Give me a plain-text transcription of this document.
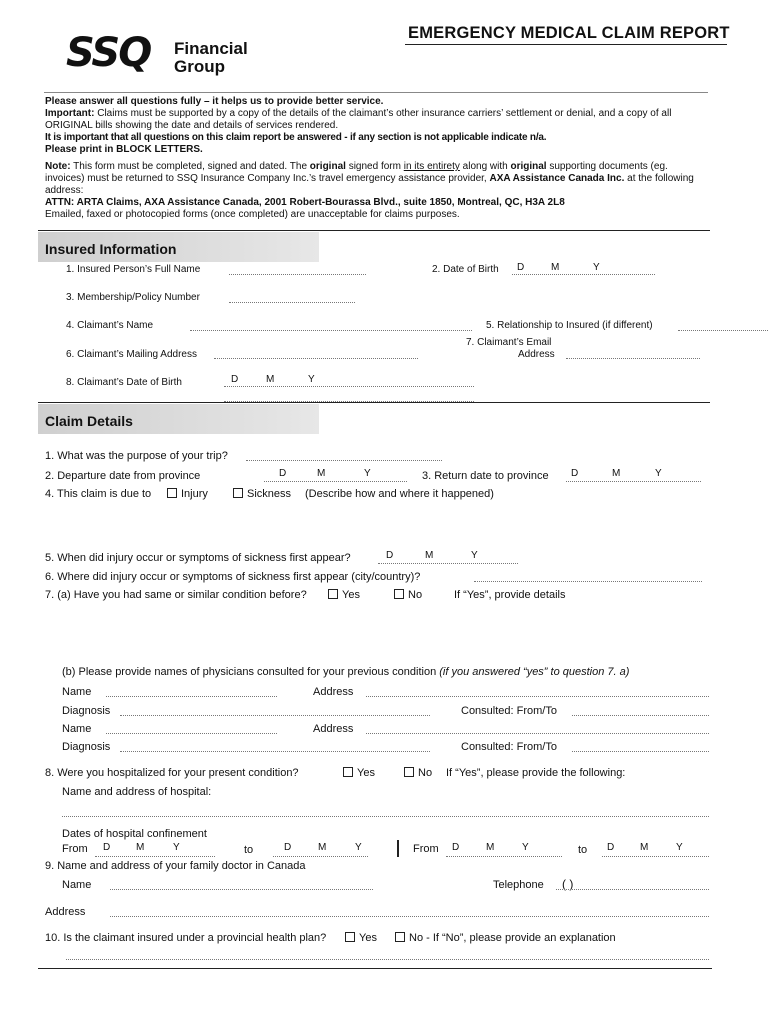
EMERGENCY MEDICAL CLAIM REPORT
SSQ Financial
Group
Please answer all questions fully – it helps us to provide better service.
Important: Claims must be supported by a copy of the details of the claimant’s other insurance carriers’ settlement or denial, and a copy of all
ORIGINAL bills showing the date and details of services rendered.
It is important that all questions on this claim report be answered - if any section is not applicable indicate n/a.
Please print in BLOCK LETTERS.
Note: This form must be completed, signed and dated. The original signed form in its entirety along with original supporting documents (eg.
invoices) must be returned to SSQ Insurance Company Inc.’s travel emergency assistance provider, AXA Assistance Canada Inc. at the following
address:
ATTN: ARTA Claims, AXA Assistance Canada, 2001 Robert-Bourassa Blvd., suite 1850, Montreal, QC, H3A 2L8
Emailed, faxed or photocopied forms (once completed) are unacceptable for claims purposes.
Insured Information
1. Insured Person’s Full Name	2. Date of Birth D	M	Y
3. Membership/Policy Number
4. Claimant’s Name	5. Relationship to Insured (if different)
7. Claimant’s Email
Address
6. Claimant’s Mailing Address
8. Claimant’s Date of Birth	D	M	Y
Claim Details
1. What was the purpose of your trip?
2. Departure date from province	D	M	Y	3. Return date to province D	M	Y
4. This claim is due to	Injury	Sickness (Describe how and where it happened)
5. When did injury occur or symptoms of sickness first appear?	D	M	Y
6. Where did injury occur or symptoms of sickness first appear (city/country)?
7. (a) Have you had same or similar condition before?	Yes	No	If “Yes”, provide details
(b) Please provide names of physicians consulted for your previous condition (if you answered “yes” to question 7. a)
Name	Address
Diagnosis	Consulted: From/To
Name	Address
Diagnosis	Consulted: From/To
8. Were you hospitalized for your present condition?	Yes	No If “Yes”, please provide the following:
Name and address of hospital:
Dates of hospital confinement
From D	M	Y	to	D	M	Y	From D	M	Y	to D	M	Y
9. Name and address of your family doctor in Canada
Name	Telephone ( )
Address
10. Is the claimant insured under a provincial health plan?	Yes	No - If “No”, please provide an explanation
